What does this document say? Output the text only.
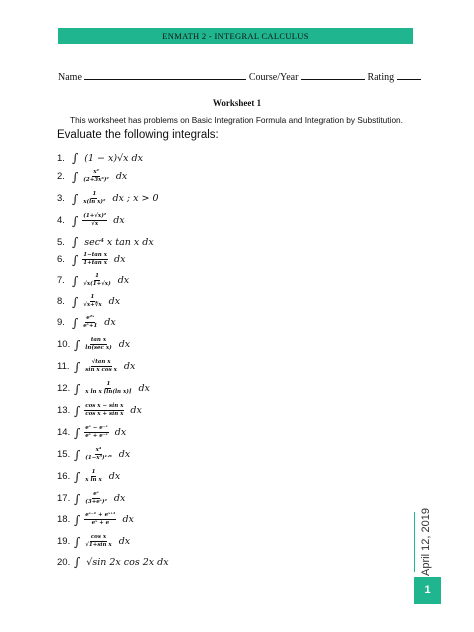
ENMATH 2 - INTEGRAL CALCULUS
Name	Course/Year	Rating
Worksheet 1
This worksheet has problems on Basic Integration Formula and Integration by Substitution.
Evaluate the following integrals:
1. ∫ (1 − x)√x dx
2. ∫ $\frac{\text{x²}}{\text{(2+3x³)²}}$ dx
3. ∫ $\frac{1}{\text{x(ln x)²}}$ dx ; x > 0
4. ∫ $\frac{\text{(1+√x)²}}{√x}$ dx
5. ∫ sec⁴ x tan x dx
6. ∫ $\frac{\text{1−tan x}}{\text{1+tan x}}$ dx
7. ∫ $\frac{1}{√x(1+√x)}$ dx
8. ∫ $\frac{1}{√x+∜x}$ dx
9. ∫ $\frac{\text{e²ˣ}}{\text{eˣ+1}}$ dx
10. ∫ $\frac{\text{tan x}}{\text{ln(sec x)}}$ dx
11. ∫ $\frac{\text{√tan x}}{\text{sin x cos x}}$ dx
12. ∫ $\frac{1}{\text{x ln x [ln(ln x)]}}$ dx
13. ∫ $\frac{\text{cos x − sin x}}{\text{cos x + sin x}}$ dx
14. ∫ $\frac{\text{eˣ − e⁻ˣ}}{\text{eˣ + e⁻ˣ}}$ dx
15. ∫ $\frac{\text{x⁴}}{\text{(1−x⁵)¹ᐟ³}}$ dx
16. ∫ $\frac{1}{\text{x ln x}}$ dx
17. ∫ $\frac{\text{eˣ}}{\text{(3+eˣ)²}}$ dx
18. ∫ $\frac{\text{eˣ⁻¹ + eˣ⁺¹}}{\text{eˣ + e}}$ dx
19. ∫ $\frac{\text{cos x}}{\text{√1+sin x}}$ dx
20. ∫ √sin 2x cos 2x dx	April 12, 2019
1
